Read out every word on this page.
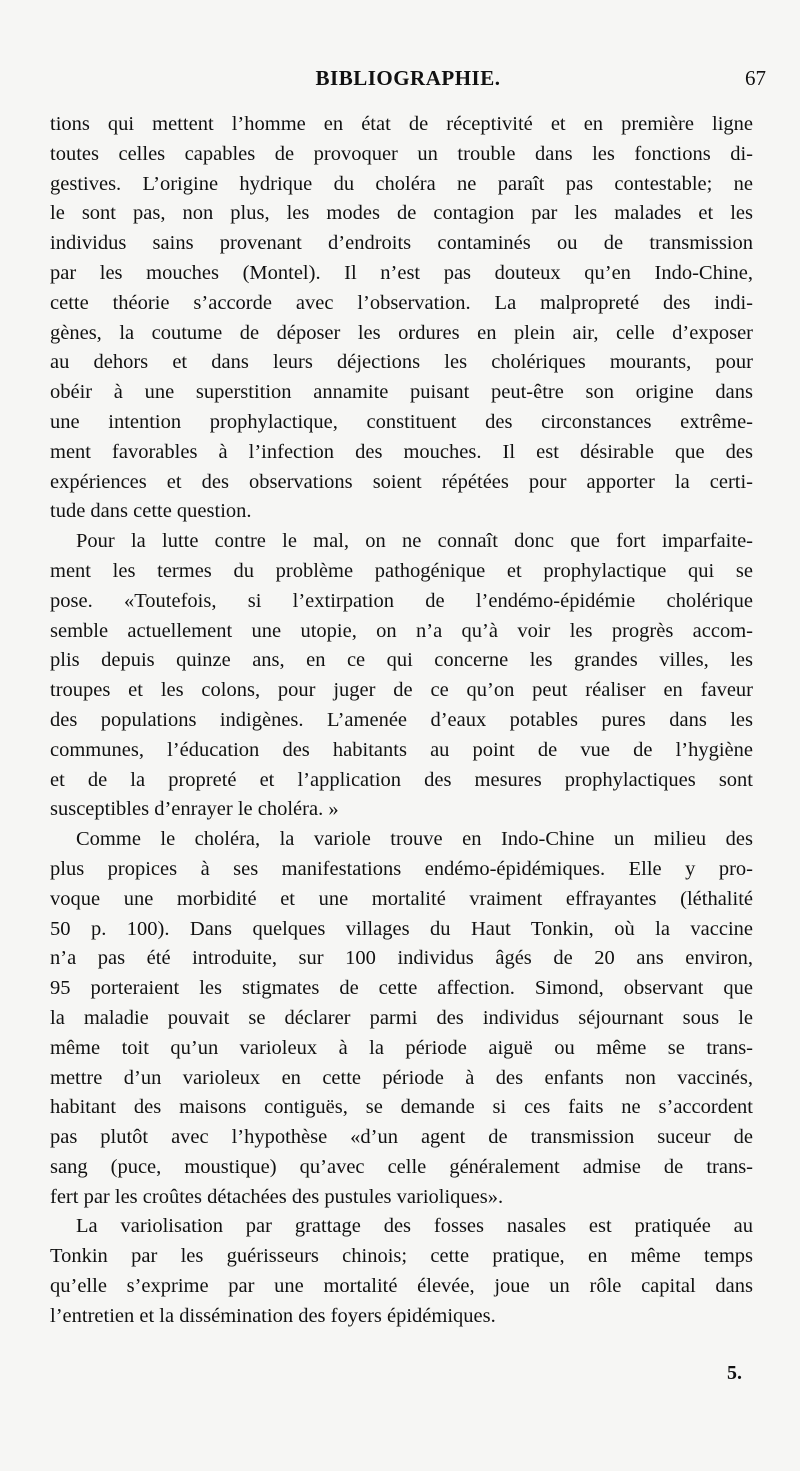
BIBLIOGRAPHIE.	67
tions qui mettent l’homme en état de réceptivité et en première ligne
toutes celles capables de provoquer un trouble dans les fonctions di-
gestives. L’origine hydrique du choléra ne paraît pas contestable; ne
le sont pas, non plus, les modes de contagion par les malades et les
individus sains provenant d’endroits contaminés ou de transmission
par les mouches (Montel). Il n’est pas douteux qu’en Indo-Chine,
cette théorie s’accorde avec l’observation. La malpropreté des indi-
gènes, la coutume de déposer les ordures en plein air, celle d’exposer
au dehors et dans leurs déjections les cholériques mourants, pour
obéir à une superstition annamite puisant peut-être son origine dans
une intention prophylactique, constituent des circonstances extrême-
ment favorables à l’infection des mouches. Il est désirable que des
expériences et des observations soient répétées pour apporter la certi-
tude dans cette question.
Pour la lutte contre le mal, on ne connaît donc que fort imparfaite-
ment les termes du problème pathogénique et prophylactique qui se
pose. «Toutefois, si l’extirpation de l’endémo-épidémie cholérique
semble actuellement une utopie, on n’a qu’à voir les progrès accom-
plis depuis quinze ans, en ce qui concerne les grandes villes, les
troupes et les colons, pour juger de ce qu’on peut réaliser en faveur
des populations indigènes. L’amenée d’eaux potables pures dans les
communes, l’éducation des habitants au point de vue de l’hygiène
et de la propreté et l’application des mesures prophylactiques sont
susceptibles d’enrayer le choléra. »
Comme le choléra, la variole trouve en Indo-Chine un milieu des
plus propices à ses manifestations endémo-épidémiques. Elle y pro-
voque une morbidité et une mortalité vraiment effrayantes (léthalité
50 p. 100). Dans quelques villages du Haut Tonkin, où la vaccine
n’a pas été introduite, sur 100 individus âgés de 20 ans environ,
95 porteraient les stigmates de cette affection. Simond, observant que
la maladie pouvait se déclarer parmi des individus séjournant sous le
même toit qu’un varioleux à la période aiguë ou même se trans-
mettre d’un varioleux en cette période à des enfants non vaccinés,
habitant des maisons contiguës, se demande si ces faits ne s’accordent
pas plutôt avec l’hypothèse «d’un agent de transmission suceur de
sang (puce, moustique) qu’avec celle généralement admise de trans-
fert par les croûtes détachées des pustules varioliques».
La variolisation par grattage des fosses nasales est pratiquée au
Tonkin par les guérisseurs chinois; cette pratique, en même temps
qu’elle s’exprime par une mortalité élevée, joue un rôle capital dans
l’entretien et la dissémination des foyers épidémiques.
5.
